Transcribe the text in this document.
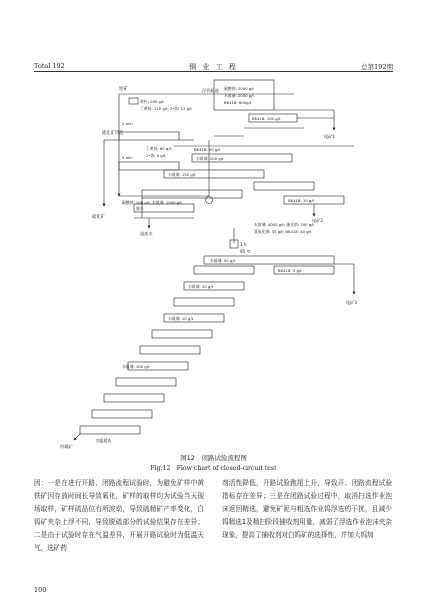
Total 192	铜 业 工 程	总第192期
原矿
硫化矿浮选
硫化矿
黄药: 200 g/t
丁黄药: 120 g/t; 2*油: 12 g/t
丁黄药: 60 g/t
2*油: 4 g/t
碳酸钠: 100 g/t; 水玻璃: 1000 g/t
2 min
3 min
碳酸钠: 2000 g/t
水玻璃: 2000 g/t
BK418: 600g/t
BK418: 100 g/t
浮钨粗选
尾矿1
BK418: 50 g/t
水玻璃: 200 g/t
水玻璃: 150 g/t
BK418: 10 g/t
脱水
溢流水
尾矿2
1 h
95 ℃
水玻璃: 4000 g/t; 硫化钠: 200 g/t
氢氧化钠: 45 g/t; BK418: 40 g/t
水玻璃: 50 g/t
BK418: 5 g/t
水玻璃: 20 g/t
水玻璃: 10 g/t
水玻璃: 100 g/t
钨精矿
尾矿3
加温精选
图12　闭路试验流程图
Fig.12　Flow chart of closed-circuit test

因：一是在进行开路、闭路流程试验时，为避免矿样中黄铁矿因存放时间长导致氧化，矿样的取样均为试验当天现场取样，矿样硫品位有所波动，导致硫精矿产率变化，白钨矿夹杂上浮不同，导致脱硫部分的试验结果存在差异；二是由于试验时存在气温差异，开展开路试验时为低温天气，选矿药

剂活性降低，开路试验跑尾上升，导致开、闭路流程试验指标存在差异；三是在闭路试验过程中，取消扫选作业泡沫返回精选，避免矿泥与粗选作业钨浮选的干扰，且减少钨精选1及精扫阶段捕收剂用量，减弱了浮选作业泡沫夹杂现象，提高了捕收剂对白钨矿的选择性，并加大钨加

100
